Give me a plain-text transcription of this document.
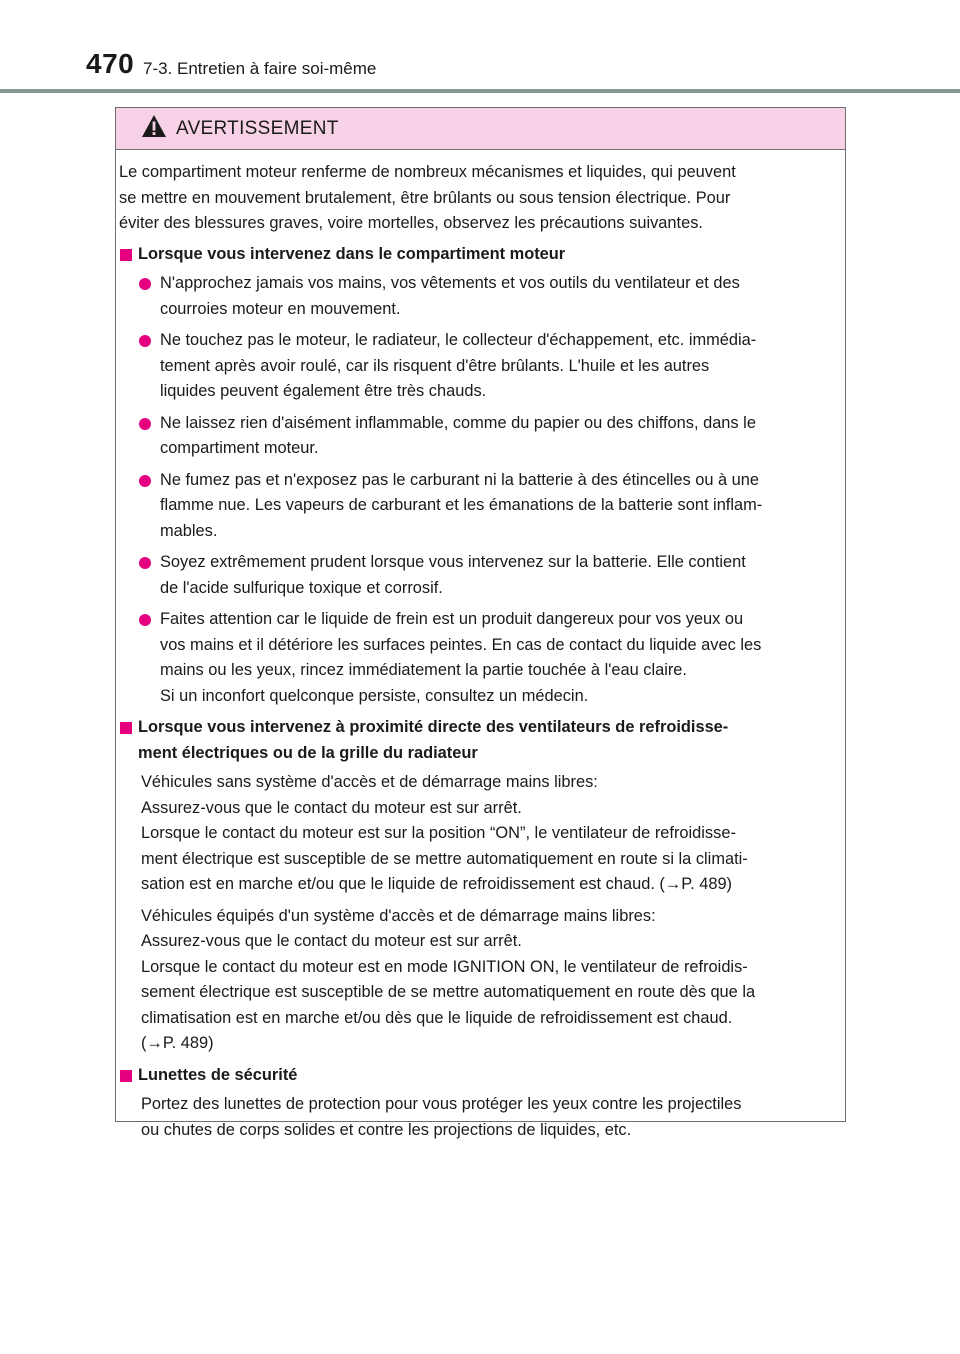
470 7-3. Entretien à faire soi-même
AVERTISSEMENT

Le compartiment moteur renferme de nombreux mécanismes et liquides, qui peuvent
se mettre en mouvement brutalement, être brûlants ou sous tension électrique. Pour
éviter des blessures graves, voire mortelles, observez les précautions suivantes.

Lorsque vous intervenez dans le compartiment moteur

N'approchez jamais vos mains, vos vêtements et vos outils du ventilateur et des
courroies moteur en mouvement.

Ne touchez pas le moteur, le radiateur, le collecteur d'échappement, etc. immédia-
tement après avoir roulé, car ils risquent d'être brûlants. L'huile et les autres
liquides peuvent également être très chauds.

Ne laissez rien d'aisément inflammable, comme du papier ou des chiffons, dans le
compartiment moteur.

Ne fumez pas et n'exposez pas le carburant ni la batterie à des étincelles ou à une
flamme nue. Les vapeurs de carburant et les émanations de la batterie sont inflam-
mables.

Soyez extrêmement prudent lorsque vous intervenez sur la batterie. Elle contient
de l'acide sulfurique toxique et corrosif.

Faites attention car le liquide de frein est un produit dangereux pour vos yeux ou
vos mains et il détériore les surfaces peintes. En cas de contact du liquide avec les
mains ou les yeux, rincez immédiatement la partie touchée à l'eau claire.
Si un inconfort quelconque persiste, consultez un médecin.

Lorsque vous intervenez à proximité directe des ventilateurs de refroidisse-
ment électriques ou de la grille du radiateur

Véhicules sans système d'accès et de démarrage mains libres:
Assurez-vous que le contact du moteur est sur arrêt.
Lorsque le contact du moteur est sur la position “ON”, le ventilateur de refroidisse-
ment électrique est susceptible de se mettre automatiquement en route si la climati-
sation est en marche et/ou que le liquide de refroidissement est chaud. (→P. 489)

Véhicules équipés d'un système d'accès et de démarrage mains libres:
Assurez-vous que le contact du moteur est sur arrêt.
Lorsque le contact du moteur est en mode IGNITION ON, le ventilateur de refroidis-
sement électrique est susceptible de se mettre automatiquement en route dès que la
climatisation est en marche et/ou dès que le liquide de refroidissement est chaud.
(→P. 489)

Lunettes de sécurité

Portez des lunettes de protection pour vous protéger les yeux contre les projectiles
ou chutes de corps solides et contre les projections de liquides, etc.
